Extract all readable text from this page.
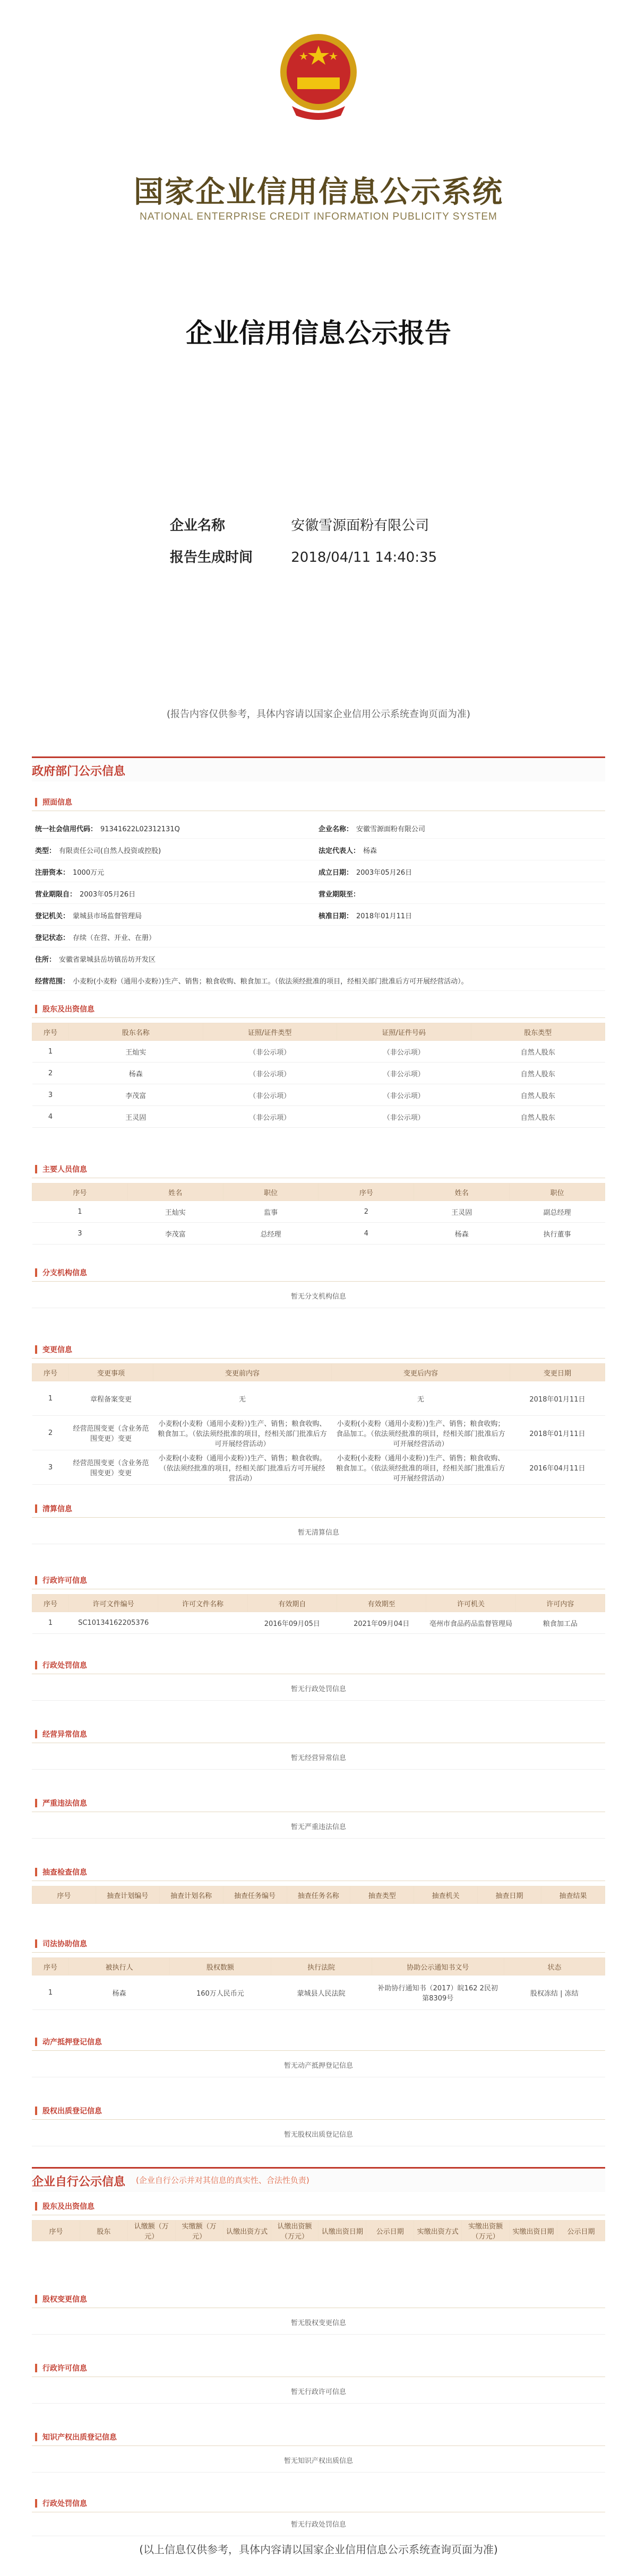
国家企业信用信息公示系统
NATIONAL ENTERPRISE CREDIT INFORMATION PUBLICITY SYSTEM
企业信用信息公示报告
企业名称	安徽雪源面粉有限公司
报告生成时间	2018/04/11 14:40:35
(报告内容仅供参考，具体内容请以国家企业信用公示系统查询页面为准)
政府部门公示信息
照面信息
统一社会信用代码： 91341622L02312131Q	企业名称： 安徽雪源面粉有限公司
类型： 有限责任公司(自然人投资或控股)	法定代表人： 杨森
注册资本： 1000万元	成立日期： 2003年05月26日
营业期限自： 2003年05月26日	营业期限至：
登记机关： 蒙城县市场监督管理局	核准日期： 2018年01月11日
登记状态： 存续（在营、开业、在册）
住所： 安徽省蒙城县岳坊镇岳坊开发区
经营范围： 小麦粉(小麦粉（通用小麦粉）)生产、销售；粮食收购、粮食加工。（依法须经批准的项目，经相关部门批准后方可开展经营活动）。
股东及出资信息
序号	股东名称	证照/证件类型	证照/证件号码	股东类型
1	王灿实	（非公示项）	（非公示项）	自然人股东
2	杨森	（非公示项）	（非公示项）	自然人股东
3	李茂富	（非公示项）	（非公示项）	自然人股东
4	王灵固	（非公示项）	（非公示项）	自然人股东
主要人员信息
序号	姓名	职位	序号	姓名	职位
1	王灿实	监事	2	王灵固	副总经理
3	李茂富	总经理	4	杨森	执行董事
分支机构信息
暂无分支机构信息
变更信息
序号	变更事项	变更前内容	变更后内容	变更日期
1	章程备案变更	无	无	2018年01月11日
2	经营范围变更（含业务范围变更）变更	小麦粉(小麦粉（通用小麦粉）)生产、销售；粮食收购、粮食加工。（依法须经批准的项目，经相关部门批准后方可开展经营活动）	小麦粉(小麦粉（通用小麦粉）)生产、销售；粮食收购；食品加工。（依法须经批准的项目，经相关部门批准后方可开展经营活动）	2018年01月11日
3	经营范围变更（含业务范围变更）变更	小麦粉(小麦粉（通用小麦粉）)生产、销售；粮食收购。（依法须经批准的项目，经相关部门批准后方可开展经营活动）	小麦粉(小麦粉（通用小麦粉）)生产、销售；粮食收购、粮食加工。（依法须经批准的项目，经相关部门批准后方可开展经营活动）	2016年04月11日
清算信息
暂无清算信息
行政许可信息
序号	许可文件编号	许可文件名称	有效期自	有效期至	许可机关	许可内容
1	SC10134162205376		2016年09月05日	2021年09月04日	亳州市食品药品监督管理局	粮食加工品
行政处罚信息
暂无行政处罚信息
经营异常信息
暂无经营异常信息
严重违法信息
暂无严重违法信息
抽查检查信息
序号	抽查计划编号	抽查计划名称	抽查任务编号	抽查任务名称	抽查类型	抽查机关	抽查日期	抽查结果
司法协助信息
序号	被执行人	股权数额	执行法院	协助公示通知书文号	状态
1	杨森	160万人民币元	蒙城县人民法院	补助协行通知书（2017）皖162 2民初第8309号	股权冻结 | 冻结
动产抵押登记信息
暂无动产抵押登记信息
股权出质登记信息
暂无股权出质登记信息
企业自行公示信息 (企业自行公示并对其信息的真实性、合法性负责)
股东及出资信息
序号	股东	认缴额（万元）	实缴额（万元）	认缴出资方式	认缴出资额（万元）	认缴出资日期	公示日期	实缴出资方式	实缴出资额（万元）	实缴出资日期	公示日期
股权变更信息
暂无股权变更信息
行政许可信息
暂无行政许可信息
知识产权出质登记信息
暂无知识产权出质信息
行政处罚信息
暂无行政处罚信息
(以上信息仅供参考，具体内容请以国家企业信用信息公示系统查询页面为准)
